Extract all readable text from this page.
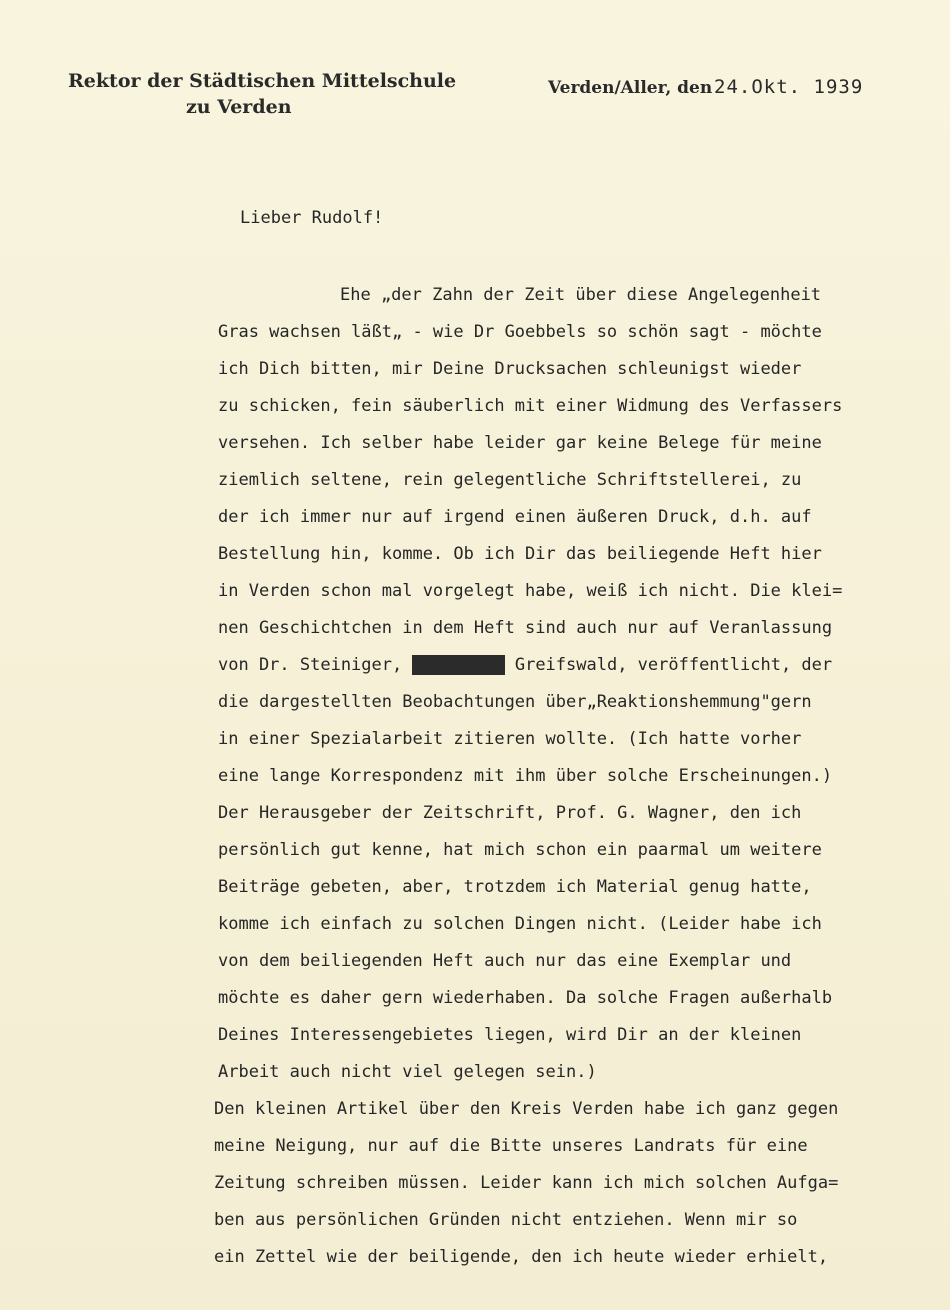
Rektor der Städtischen Mittelschule
zu Verden
Verden/Aller, den 24.Okt. 1939
Lieber Rudolf!
Ehe „der Zahn der Zeit über diese Angelegenheit
Gras wachsen läßt„ - wie Dr Goebbels so schön sagt - möchte
ich Dich bitten, mir Deine Drucksachen schleunigst wieder
zu schicken, fein säuberlich mit einer Widmung des Verfassers
versehen. Ich selber habe leider gar keine Belege für meine
ziemlich seltene, rein gelegentliche Schriftstellerei, zu
der ich immer nur auf irgend einen äußeren Druck, d.h. auf
Bestellung hin, komme. Ob ich Dir das beiliegende Heft hier
in Verden schon mal vorgelegt habe, weiß ich nicht. Die klei=
nen Geschichtchen in dem Heft sind auch nur auf Veranlassung
von Dr. Steiniger, XXXXXXXXX Greifswald, veröffentlicht, der
die dargestellten Beobachtungen über„Reaktionshemmung"gern
in einer Spezialarbeit zitieren wollte. (Ich hatte vorher
eine lange Korrespondenz mit ihm über solche Erscheinungen.)
Der Herausgeber der Zeitschrift, Prof. G. Wagner, den ich
persönlich gut kenne, hat mich schon ein paarmal um weitere
Beiträge gebeten, aber, trotzdem ich Material genug hatte,
komme ich einfach zu solchen Dingen nicht. (Leider habe ich
von dem beiliegenden Heft auch nur das eine Exemplar und
möchte es daher gern wiederhaben. Da solche Fragen außerhalb
Deines Interessengebietes liegen, wird Dir an der kleinen
Arbeit auch nicht viel gelegen sein.)
Den kleinen Artikel über den Kreis Verden habe ich ganz gegen
meine Neigung, nur auf die Bitte unseres Landrats für eine
Zeitung schreiben müssen. Leider kann ich mich solchen Aufga=
ben aus persönlichen Gründen nicht entziehen. Wenn mir so
ein Zettel wie der beiligende, den ich heute wieder erhielt,
